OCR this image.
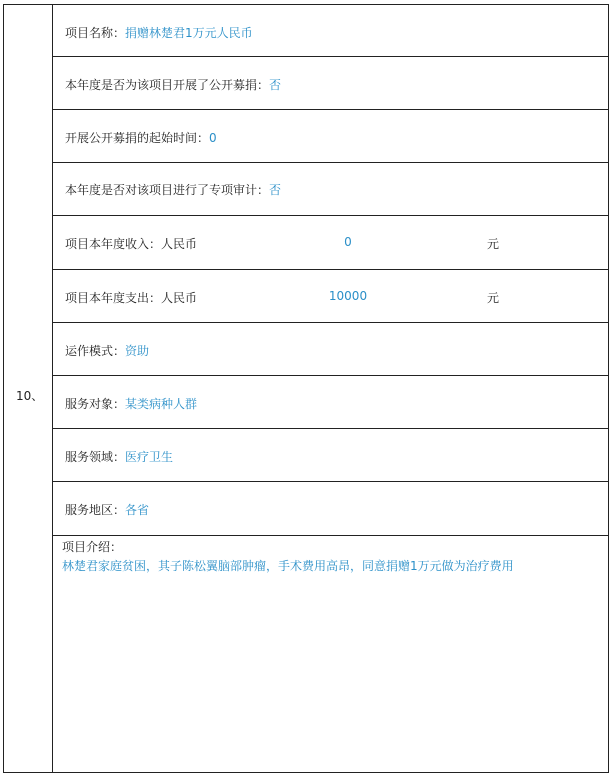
10、
项目名称：捐赠林楚君1万元人民币
本年度是否为该项目开展了公开募捐：否
开展公开募捐的起始时间：0
本年度是否对该项目进行了专项审计：否
项目本年度收入：人民币	0	元
项目本年度支出：人民币	10000	元
运作模式：资助
服务对象：某类病种人群
服务领域：医疗卫生
服务地区：各省
项目介绍：
林楚君家庭贫困，其子陈松翼脑部肿瘤，手术费用高昂，同意捐赠1万元做为治疗费用
